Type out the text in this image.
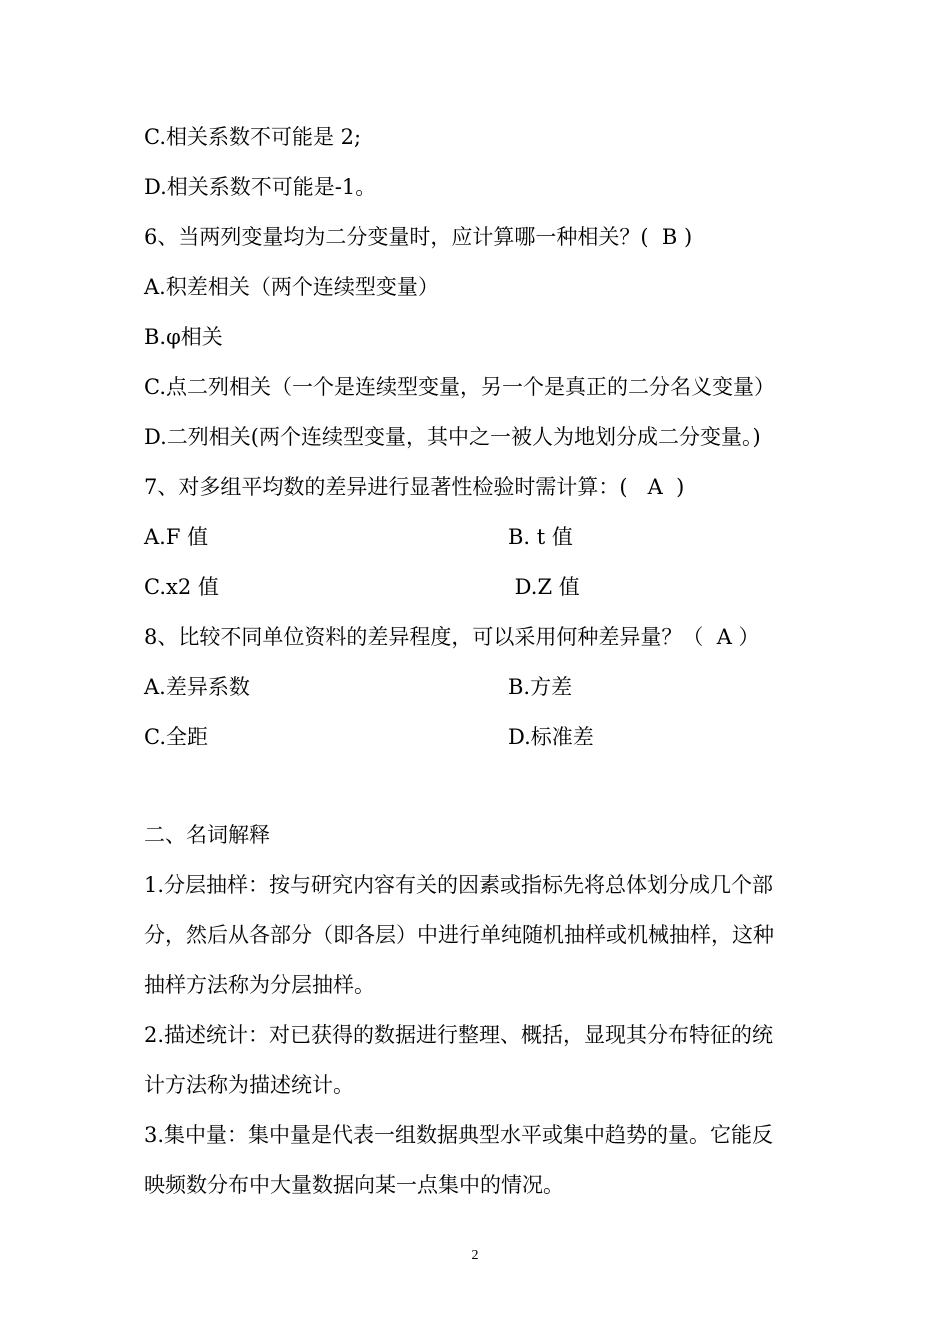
C.相关系数不可能是 2;
D.相关系数不可能是-1。
6、当两列变量均为二分变量时，应计算哪一种相关？(  B )
A.积差相关（两个连续型变量）
B.φ相关
C.点二列相关（一个是连续型变量，另一个是真正的二分名义变量）
D.二列相关(两个连续型变量，其中之一被人为地划分成二分变量。)
7、对多组平均数的差异进行显著性检验时需计算：(   A  )
A.F 值	B. t 值
C.x2 值	D.Z 值
8、比较不同单位资料的差异程度，可以采用何种差异量？（  A ）
A.差异系数	B.方差
C.全距	D.标准差
二、名词解释
1.分层抽样：按与研究内容有关的因素或指标先将总体划分成几个部
分，然后从各部分（即各层）中进行单纯随机抽样或机械抽样，这种
抽样方法称为分层抽样。
2.描述统计：对已获得的数据进行整理、概括，显现其分布特征的统
计方法称为描述统计。
3.集中量：集中量是代表一组数据典型水平或集中趋势的量。它能反
映频数分布中大量数据向某一点集中的情况。
2
